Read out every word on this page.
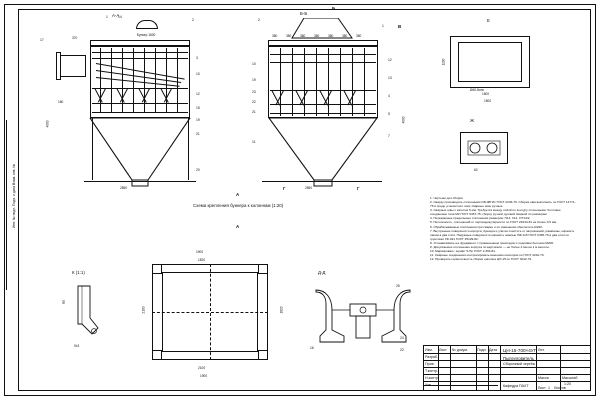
Инв. № подл. Подп. и дата Взам. инв. №
А-А
2850
4000
370
180
Бункер 1600
1	14
2
17
3
10
12
15
19
21
20
Б-Б
380	380	380	380	380	380	380
2850
4000
2
1
10
19
23
22
21
11
12
13
4
5
7
Б
А
А
Г	Г
В
Е
1500
1500
1100
Ø40-8отв
Ж
60
Схема крепления бункера к колоннам (1:20)
1900
1820
2100
1900
2100	1820
К (1:1)
9±3
R5
Д-Д
25
16	22
24
1. Чертежи для сборки.
2. Сварку производить сплошными СВ-08Г2С ГОСТ 2246-70. Сборка шва выполнять по ГОСТ 14771-76 в среде углекислого газа; сварные швы ручные.
3. Сварные швы с катетом 5 мм. Требуется между собой по контуру сплошными: болтовое соединение типа М2 ГОСТ 9467-75; сборку ручной дуговой сваркой по размерам.
4. Неуказанные предельные отклонения размеров: H14, h14, ±IT14/2.
5. Несоосность, отклонений от перпендикулярности по ГОСТ 24643-81 не более 0,5 мм.
6. Обрабатываемые отклонения при сварке и их изменении обеспечить Ra50.
7. Внутренние поверхности корпуса, бункера и улитки очистить от загрязнений, ржавчины; окрасить лаком в два слоя. Наружные поверхности окрасить эмалью ПФ-115 ГОСТ 6465-76 в два слоя по грунтовке ГФ-021 ГОСТ 25129-82.
8. Устанавливать на фундамент с применением прокладок и подливки бетоном М200.
9. Допускаемое отклонение корпуса по вертикали — не более 2 мм на 1 м высоты.
10. Маркировать: шрифт 5-Пр ГОСТ 2.304-81.
11. Сварные соединения контролировать внешним осмотром по ГОСТ 3242-79.
12. Проверить герметичность сборки циклона ЦН-15 по ГОСТ 3242-79.
Изм. Лист № докум.	Подп. Дата
Разраб.
Пров.
Т.контр.
Н.контр.
Утв.
ЦН-15-700×4УП
Пылеуловитель
Сборочный чертёж
Лит.
Масса	Масштаб
1:20
Лист Листов
1
Кафедра ПАХТ
